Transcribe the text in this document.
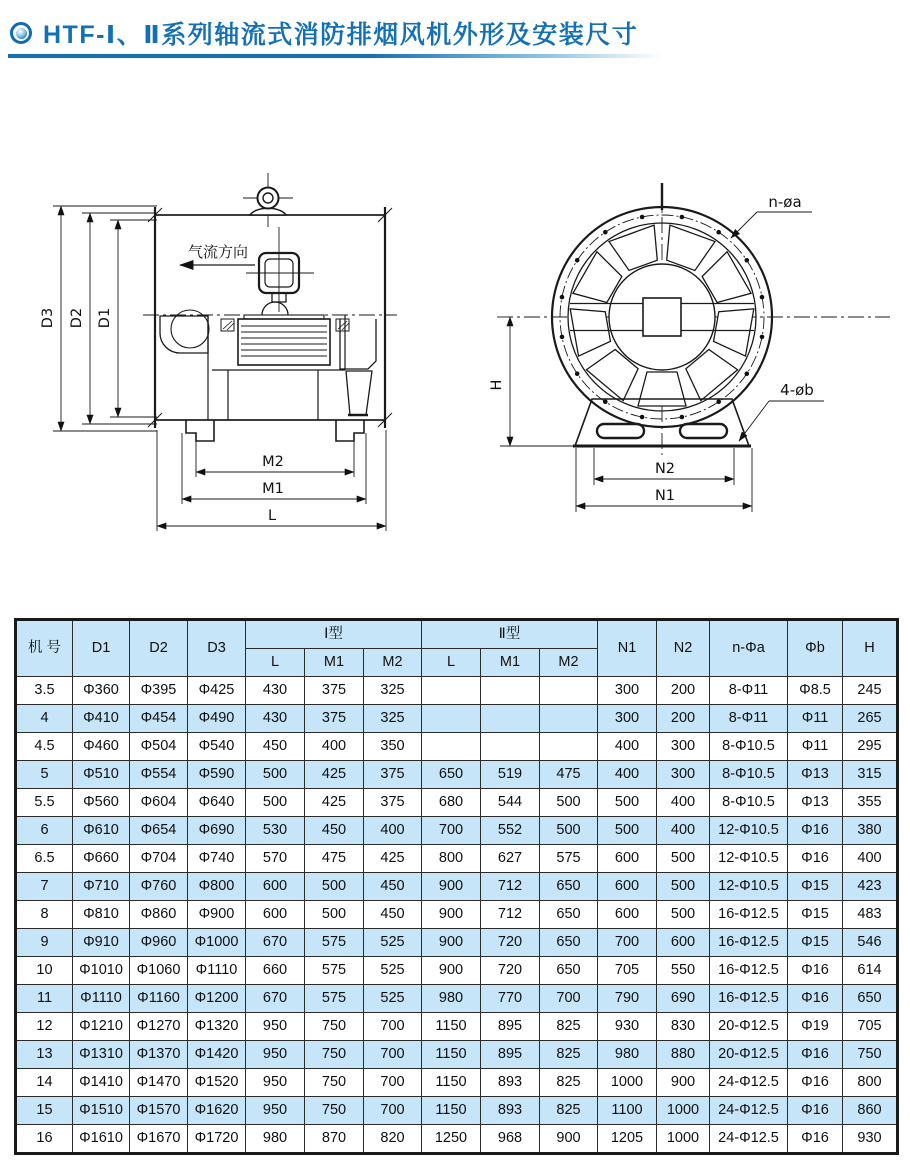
HTF-Ⅰ、Ⅱ系列轴流式消防排烟风机外形及安装尺寸
气流方向
D3 D2 D1
M2
M1
L
n-øa
4-øb
H
N2
N1
机 号	D1	D2	D3	Ⅰ型			Ⅱ型			N1	N2	n-Φa	Φb	H
				L	M1	M2	L	M1	M2					
3.5	Φ360	Φ395	Φ425	430	375	325				300	200	8-Φ11	Φ8.5	245
4	Φ410	Φ454	Φ490	430	375	325				300	200	8-Φ11	Φ11	265
4.5	Φ460	Φ504	Φ540	450	400	350				400	300	8-Φ10.5	Φ11	295
5	Φ510	Φ554	Φ590	500	425	375	650	519	475	400	300	8-Φ10.5	Φ13	315
5.5	Φ560	Φ604	Φ640	500	425	375	680	544	500	500	400	8-Φ10.5	Φ13	355
6	Φ610	Φ654	Φ690	530	450	400	700	552	500	500	400	12-Φ10.5	Φ16	380
6.5	Φ660	Φ704	Φ740	570	475	425	800	627	575	600	500	12-Φ10.5	Φ16	400
7	Φ710	Φ760	Φ800	600	500	450	900	712	650	600	500	12-Φ10.5	Φ15	423
8	Φ810	Φ860	Φ900	600	500	450	900	712	650	600	500	16-Φ12.5	Φ15	483
9	Φ910	Φ960	Φ1000	670	575	525	900	720	650	700	600	16-Φ12.5	Φ15	546
10	Φ1010	Φ1060	Φ1110	660	575	525	900	720	650	705	550	16-Φ12.5	Φ16	614
11	Φ1110	Φ1160	Φ1200	670	575	525	980	770	700	790	690	16-Φ12.5	Φ16	650
12	Φ1210	Φ1270	Φ1320	950	750	700	1150	895	825	930	830	20-Φ12.5	Φ19	705
13	Φ1310	Φ1370	Φ1420	950	750	700	1150	895	825	980	880	20-Φ12.5	Φ16	750
14	Φ1410	Φ1470	Φ1520	950	750	700	1150	893	825	1000	900	24-Φ12.5	Φ16	800
15	Φ1510	Φ1570	Φ1620	950	750	700	1150	893	825	1100	1000	24-Φ12.5	Φ16	860
16	Φ1610	Φ1670	Φ1720	980	870	820	1250	968	900	1205	1000	24-Φ12.5	Φ16	930
